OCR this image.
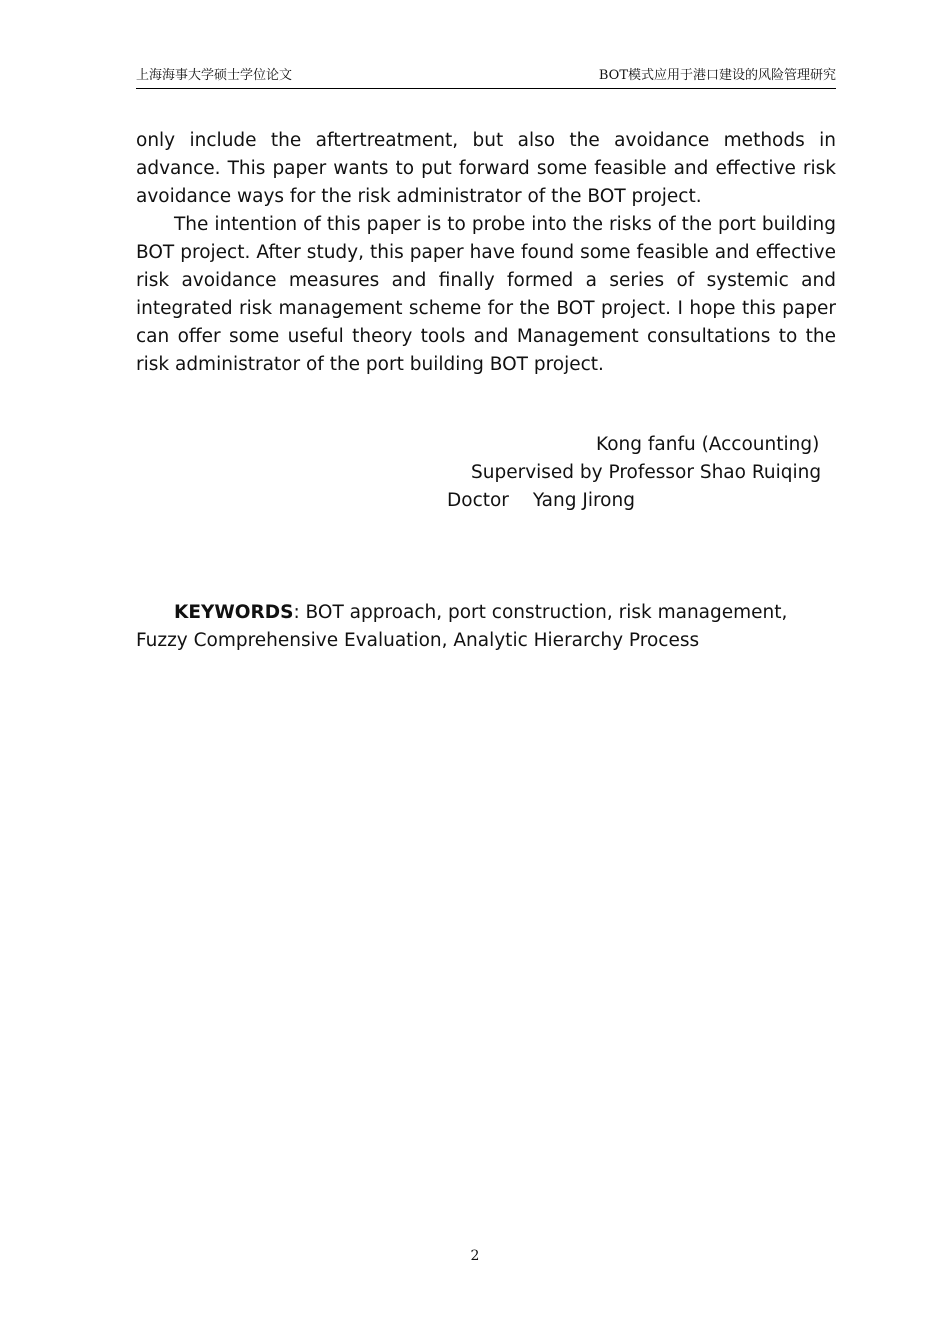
上海海事大学硕士学位论文	BOT模式应用于港口建设的风险管理研究

only include the aftertreatment, but also the avoidance methods in advance. This paper wants to put forward some feasible and effective risk avoidance ways for the risk administrator of the BOT project.

The intention of this paper is to probe into the risks of the port building BOT project. After study, this paper have found some feasible and effective risk avoidance measures and finally formed a series of systemic and integrated risk management scheme for the BOT project. I hope this paper can offer some useful theory tools and Management consultations to the risk administrator of the port building BOT project.

Kong fanfu (Accounting)
Supervised by Professor Shao Ruiqing
Doctor Yang Jirong
KEYWORDS: BOT approach, port construction, risk management,
Fuzzy Comprehensive Evaluation, Analytic Hierarchy Process
2
